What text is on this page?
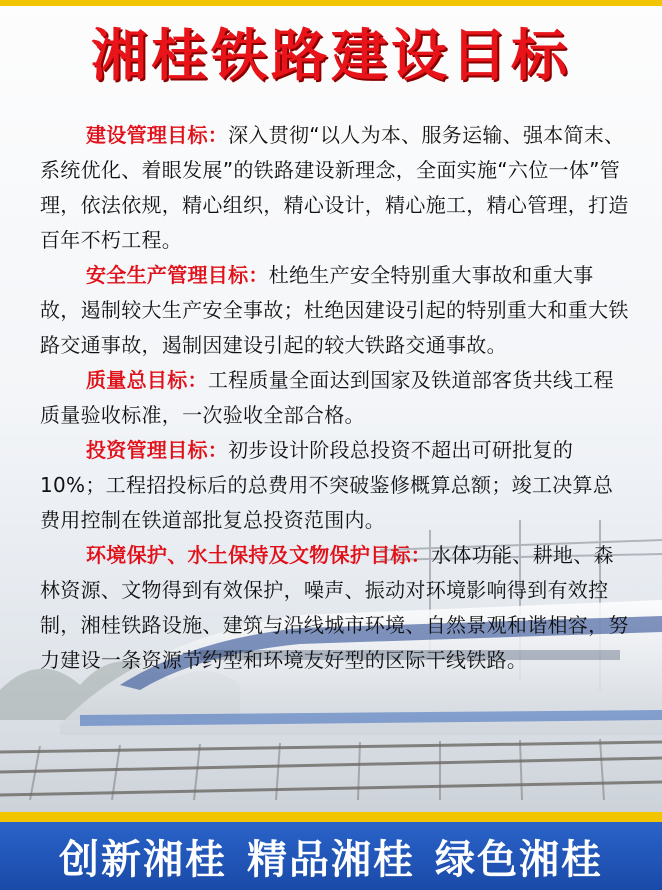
湘桂铁路建设目标

建设管理目标：深入贯彻“以人为本、服务运输、强本简末、系统优化、着眼发展”的铁路建设新理念，全面实施“六位一体”管理，依法依规，精心组织，精心设计，精心施工，精心管理，打造百年不朽工程。

安全生产管理目标：杜绝生产安全特别重大事故和重大事故，遏制较大生产安全事故；杜绝因建设引起的特别重大和重大铁路交通事故，遏制因建设引起的较大铁路交通事故。

质量总目标：工程质量全面达到国家及铁道部客货共线工程质量验收标准，一次验收全部合格。

投资管理目标：初步设计阶段总投资不超出可研批复的10%；工程招投标后的总费用不突破鉴修概算总额；竣工决算总费用控制在铁道部批复总投资范围内。

环境保护、水土保持及文物保护目标：水体功能、耕地、森林资源、文物得到有效保护，噪声、振动对环境影响得到有效控制，湘桂铁路设施、建筑与沿线城市环境、自然景观和谐相容，努力建设一条资源节约型和环境友好型的区际干线铁路。

创新湘桂 精品湘桂 绿色湘桂
